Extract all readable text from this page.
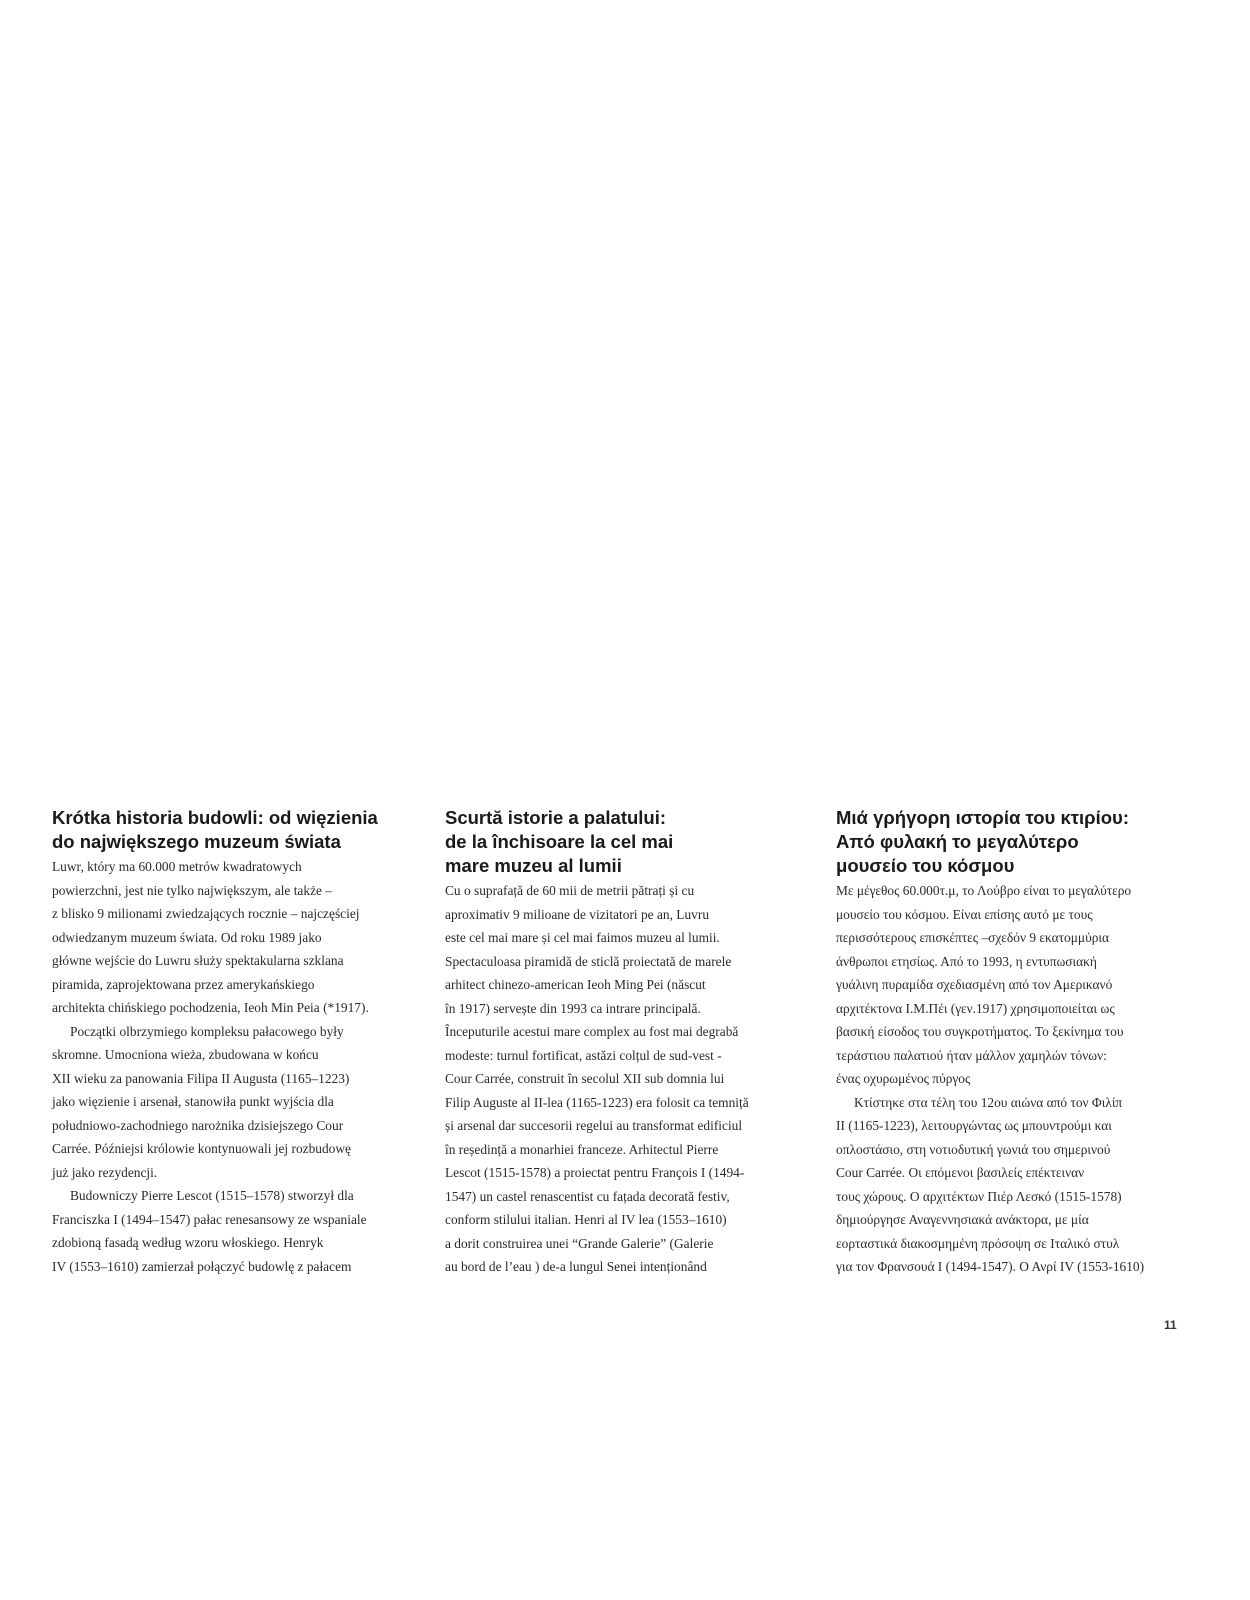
Krótka historia budowli: od więzienia
do największego muzeum świata
Luwr, który ma 60.000 metrów kwadratowych
powierzchni, jest nie tylko największym, ale także –
z blisko 9 milionami zwiedzających rocznie – najczęściej
odwiedzanym muzeum świata. Od roku 1989 jako
główne wejście do Luwru służy spektakularna szklana
piramida, zaprojektowana przez amerykańskiego
architekta chińskiego pochodzenia, Ieoh Min Peia (*1917).
Początki olbrzymiego kompleksu pałacowego były
skromne. Umocniona wieża, zbudowana w końcu
XII wieku za panowania Filipa II Augusta (1165–1223)
jako więzienie i arsenał, stanowiła punkt wyjścia dla
południowo-zachodniego narożnika dzisiejszego Cour
Carrée. Późniejsi królowie kontynuowali jej rozbudowę
już jako rezydencji.
Budowniczy Pierre Lescot (1515–1578) stworzył dla
Franciszka I (1494–1547) pałac renesansowy ze wspaniale
zdobioną fasadą według wzoru włoskiego. Henryk
IV (1553–1610) zamierzał połączyć budowlę z pałacem
Scurtă istorie a palatului:
de la închisoare la cel mai
mare muzeu al lumii
Cu o suprafață de 60 mii de metrii pătrați și cu
aproximativ 9 milioane de vizitatori pe an, Luvru
este cel mai mare și cel mai faimos muzeu al lumii.
Spectaculoasa piramidă de sticlă proiectată de marele
arhitect chinezo-american Ieoh Ming Pei (născut
în 1917) servește din 1993 ca intrare principală.
Începuturile acestui mare complex au fost mai degrabă
modeste: turnul fortificat, astăzi colțul de sud-vest -
Cour Carrée, construit în secolul XII sub domnia lui
Filip Auguste al II-lea (1165-1223) era folosit ca temniță
și arsenal dar succesorii regelui au transformat edificiul
în reședință a monarhiei franceze. Arhitectul Pierre
Lescot (1515-1578) a proiectat pentru François I (1494-
1547) un castel renascentist cu fațada decorată festiv,
conform stilului italian. Henri al IV lea (1553–1610)
a dorit construirea unei “Grande Galerie” (Galerie
au bord de l’eau ) de-a lungul Senei intenționând
Μιά γρήγορη ιστορία του κτιρίου:
Από φυλακή το μεγαλύτερο
μουσείο του κόσμου
Με μέγεθος 60.000τ.μ, το Λούβρο είναι το μεγαλύτερο
μουσείο του κόσμου. Είναι επίσης αυτό με τους
περισσότερους επισκέπτες –σχεδόν 9 εκατομμύρια
άνθρωποι ετησίως. Από το 1993, η εντυπωσιακή
γυάλινη πυραμίδα σχεδιασμένη από τον Αμερικανό
αρχιτέκτονα Ι.Μ.Πέι (γεν.1917) χρησιμοποιείται ως
βασική είσοδος του συγκροτήματος. Το ξεκίνημα του
τεράστιου παλατιού ήταν μάλλον χαμηλών τόνων:
ένας οχυρωμένος πύργος
Κτίστηκε στα τέλη του 12ου αιώνα από τον Φιλίπ
II (1165-1223), λειτουργώντας ως μπουντρούμι και
οπλοστάσιο, στη νοτιοδυτική γωνιά του σημερινού
Cour Carrée. Οι επόμενοι βασιλείς επέκτειναν
τους χώρους. Ο αρχιτέκτων Πιέρ Λεσκό (1515-1578)
δημιούργησε Αναγεννησιακά ανάκτορα, με μία
εορταστικά διακοσμημένη πρόσοψη σε Ιταλικό στυλ
για τον Φρανσουά Ι (1494-1547). Ο Ανρί IV (1553-1610)
11
